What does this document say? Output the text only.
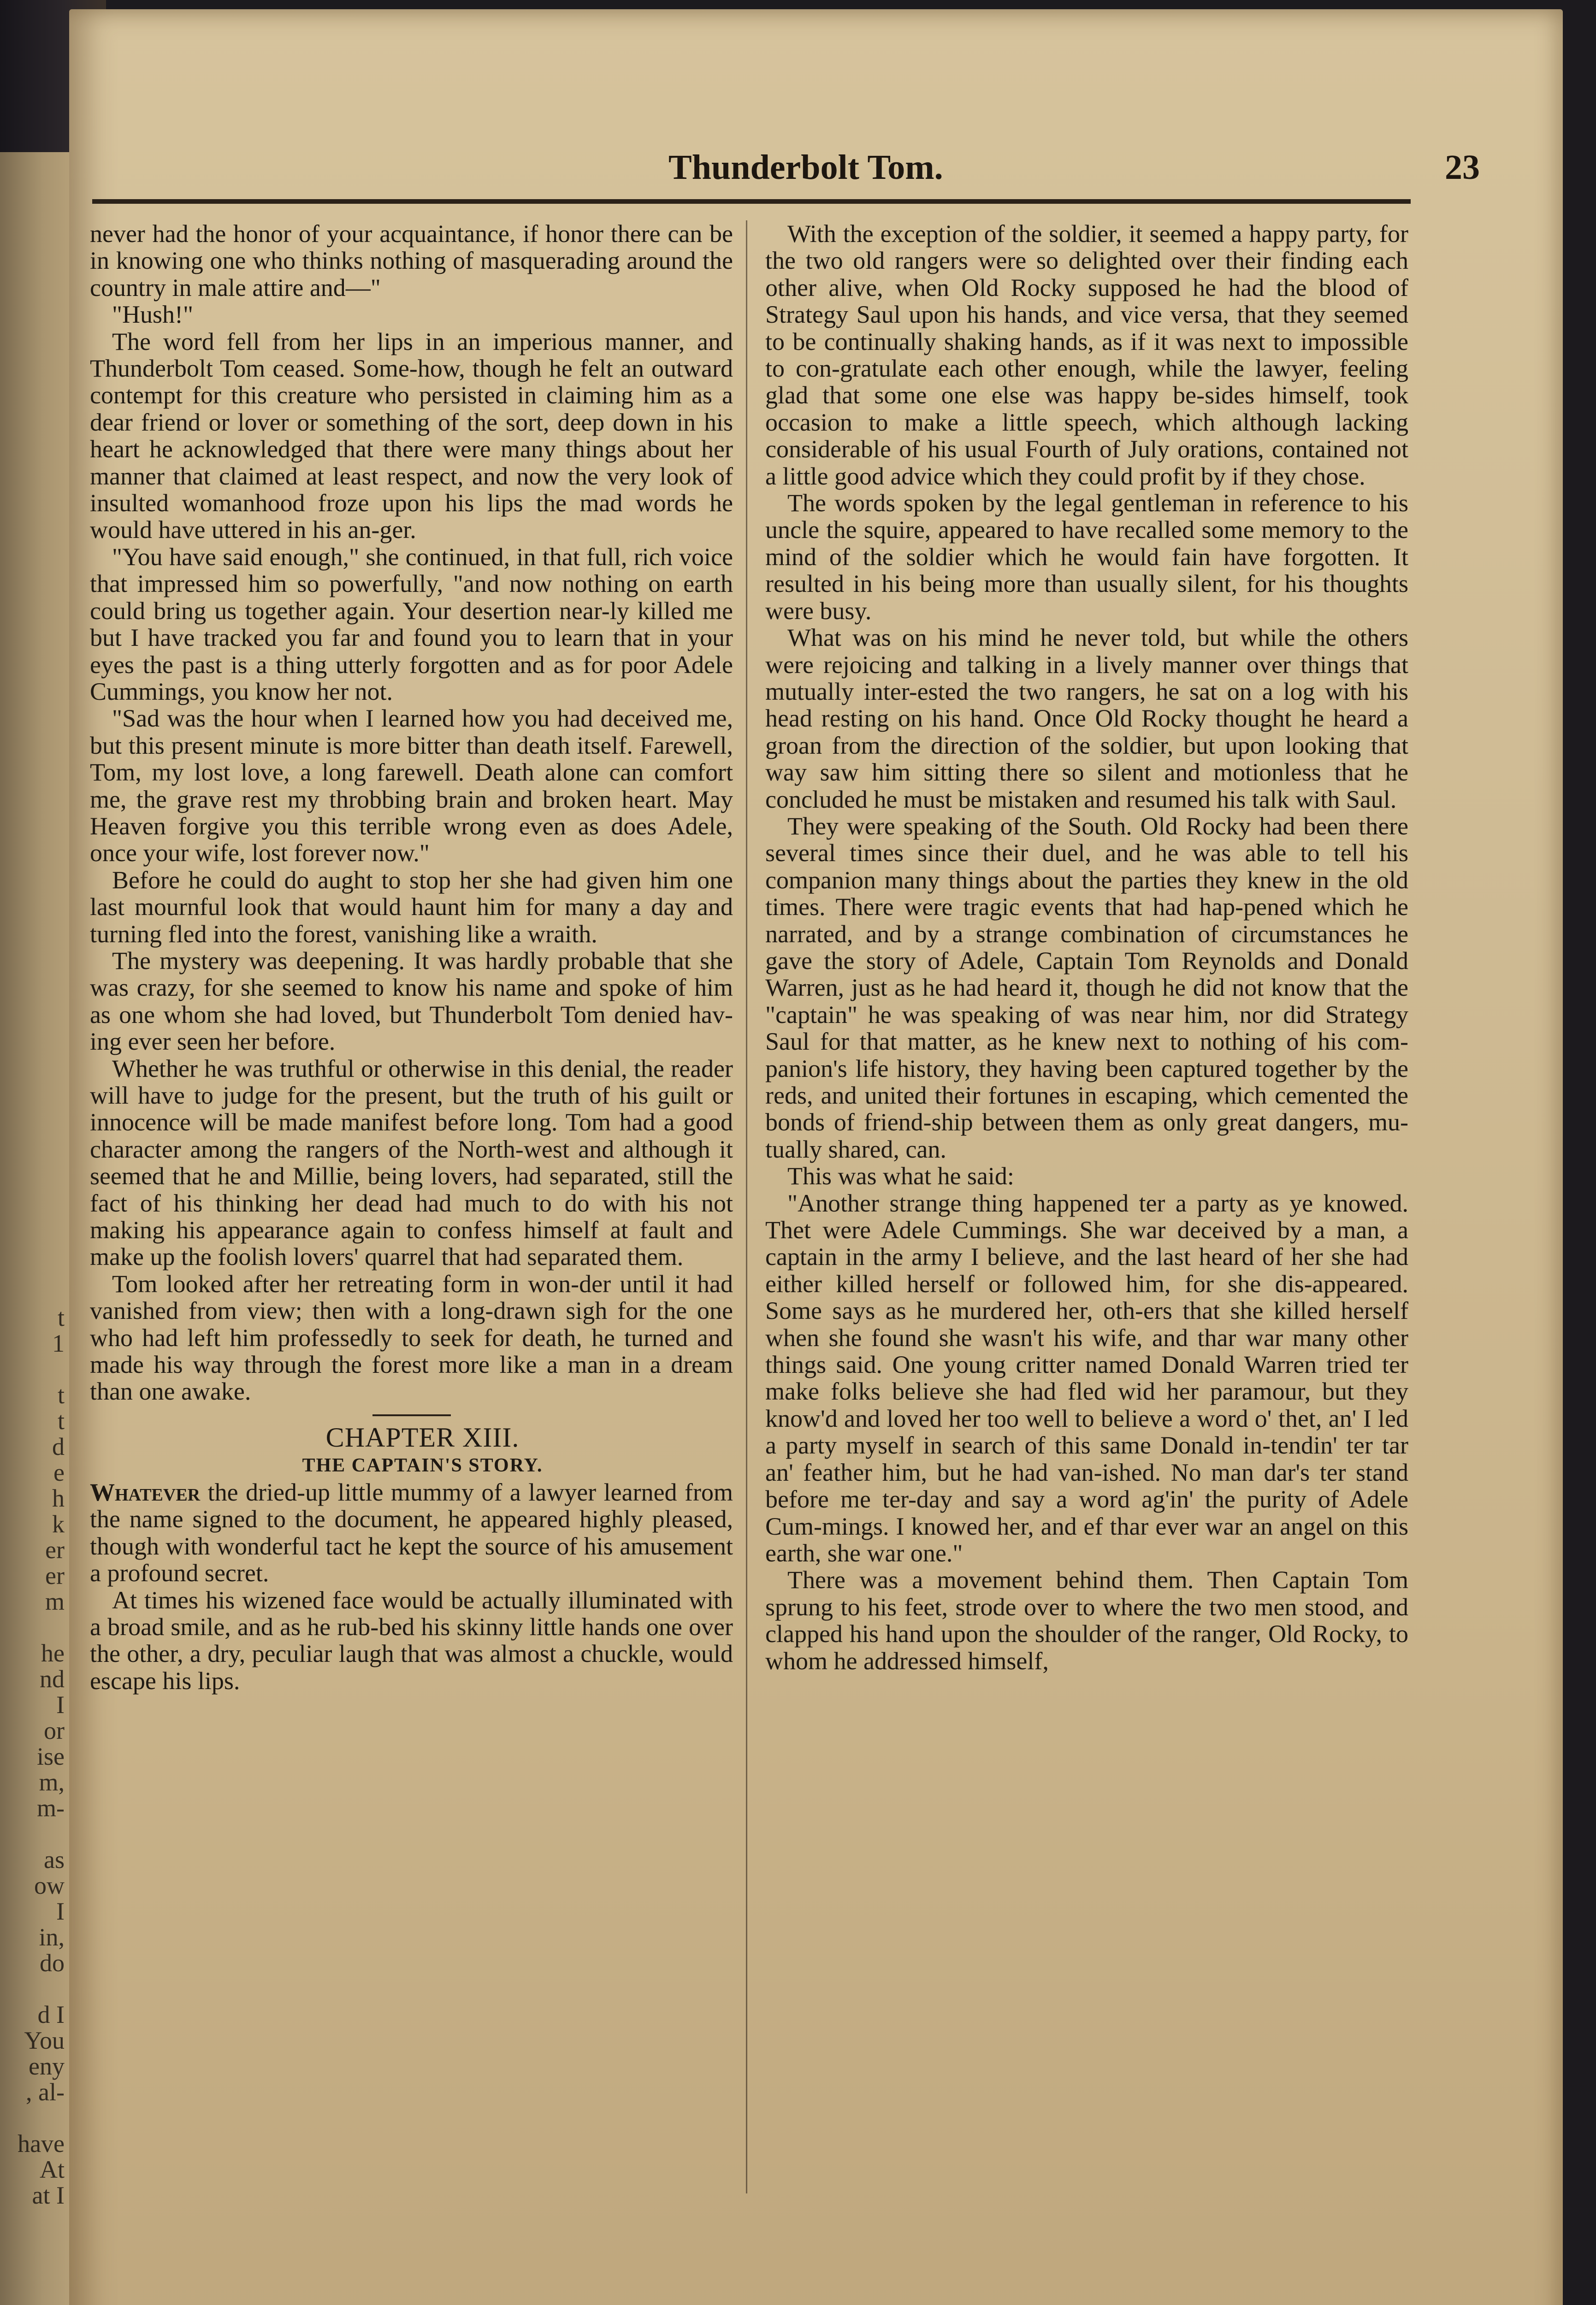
t
1

t
t
d
e
h
k
er
er
m

he
nd
I
or
ise
m,
m-

as
ow
I
in,
do

d I
You
eny
, al-

have
At
at I
Thunderbolt Tom.	23

never had the honor of your acquaintance, if honor there can be in knowing one who thinks nothing of masquerading around the country in male attire and—"

"Hush!"

The word fell from her lips in an imperious manner, and Thunderbolt Tom ceased. Some-how, though he felt an outward contempt for this creature who persisted in claiming him as a dear friend or lover or something of the sort, deep down in his heart he acknowledged that there were many things about her manner that claimed at least respect, and now the very look of insulted womanhood froze upon his lips the mad words he would have uttered in his an-ger.

"You have said enough," she continued, in that full, rich voice that impressed him so powerfully, "and now nothing on earth could bring us together again. Your desertion near-ly killed me but I have tracked you far and found you to learn that in your eyes the past is a thing utterly forgotten and as for poor Adele Cummings, you know her not.

"Sad was the hour when I learned how you had deceived me, but this present minute is more bitter than death itself. Farewell, Tom, my lost love, a long farewell. Death alone can comfort me, the grave rest my throbbing brain and broken heart. May Heaven forgive you this terrible wrong even as does Adele, once your wife, lost forever now."

Before he could do aught to stop her she had given him one last mournful look that would haunt him for many a day and turning fled into the forest, vanishing like a wraith.

The mystery was deepening. It was hardly probable that she was crazy, for she seemed to know his name and spoke of him as one whom she had loved, but Thunderbolt Tom denied hav-ing ever seen her before.

Whether he was truthful or otherwise in this denial, the reader will have to judge for the present, but the truth of his guilt or innocence will be made manifest before long. Tom had a good character among the rangers of the North-west and although it seemed that he and Millie, being lovers, had separated, still the fact of his thinking her dead had much to do with his not making his appearance again to confess himself at fault and make up the foolish lovers' quarrel that had separated them.

Tom looked after her retreating form in won-der until it had vanished from view; then with a long-drawn sigh for the one who had left him professedly to seek for death, he turned and made his way through the forest more like a man in a dream than one awake.

CHAPTER XIII.

THE CAPTAIN'S STORY.

Whatever the dried-up little mummy of a lawyer learned from the name signed to the document, he appeared highly pleased, though with wonderful tact he kept the source of his amusement a profound secret.

At times his wizened face would be actually illuminated with a broad smile, and as he rub-bed his skinny little hands one over the other, a dry, peculiar laugh that was almost a chuckle, would escape his lips.

With the exception of the soldier, it seemed a happy party, for the two old rangers were so delighted over their finding each other alive, when Old Rocky supposed he had the blood of Strategy Saul upon his hands, and vice versa, that they seemed to be continually shaking hands, as if it was next to impossible to con-gratulate each other enough, while the lawyer, feeling glad that some one else was happy be-sides himself, took occasion to make a little speech, which although lacking considerable of his usual Fourth of July orations, contained not a little good advice which they could profit by if they chose.

The words spoken by the legal gentleman in reference to his uncle the squire, appeared to have recalled some memory to the mind of the soldier which he would fain have forgotten. It resulted in his being more than usually silent, for his thoughts were busy.

What was on his mind he never told, but while the others were rejoicing and talking in a lively manner over things that mutually inter-ested the two rangers, he sat on a log with his head resting on his hand. Once Old Rocky thought he heard a groan from the direction of the soldier, but upon looking that way saw him sitting there so silent and motionless that he concluded he must be mistaken and resumed his talk with Saul.

They were speaking of the South. Old Rocky had been there several times since their duel, and he was able to tell his companion many things about the parties they knew in the old times. There were tragic events that had hap-pened which he narrated, and by a strange combination of circumstances he gave the story of Adele, Captain Tom Reynolds and Donald Warren, just as he had heard it, though he did not know that the "captain" he was speaking of was near him, nor did Strategy Saul for that matter, as he knew next to nothing of his com-panion's life history, they having been captured together by the reds, and united their fortunes in escaping, which cemented the bonds of friend-ship between them as only great dangers, mu-tually shared, can.

This was what he said:

"Another strange thing happened ter a party as ye knowed. Thet were Adele Cummings. She war deceived by a man, a captain in the army I believe, and the last heard of her she had either killed herself or followed him, for she dis-appeared. Some says as he murdered her, oth-ers that she killed herself when she found she wasn't his wife, and thar war many other things said. One young critter named Donald Warren tried ter make folks believe she had fled wid her paramour, but they know'd and loved her too well to believe a word o' thet, an' I led a party myself in search of this same Donald in-tendin' ter tar an' feather him, but he had van-ished. No man dar's ter stand before me ter-day and say a word ag'in' the purity of Adele Cum-mings. I knowed her, and ef thar ever war an angel on this earth, she war one."

There was a movement behind them. Then Captain Tom sprung to his feet, strode over to where the two men stood, and clapped his hand upon the shoulder of the ranger, Old Rocky, to whom he addressed himself,
